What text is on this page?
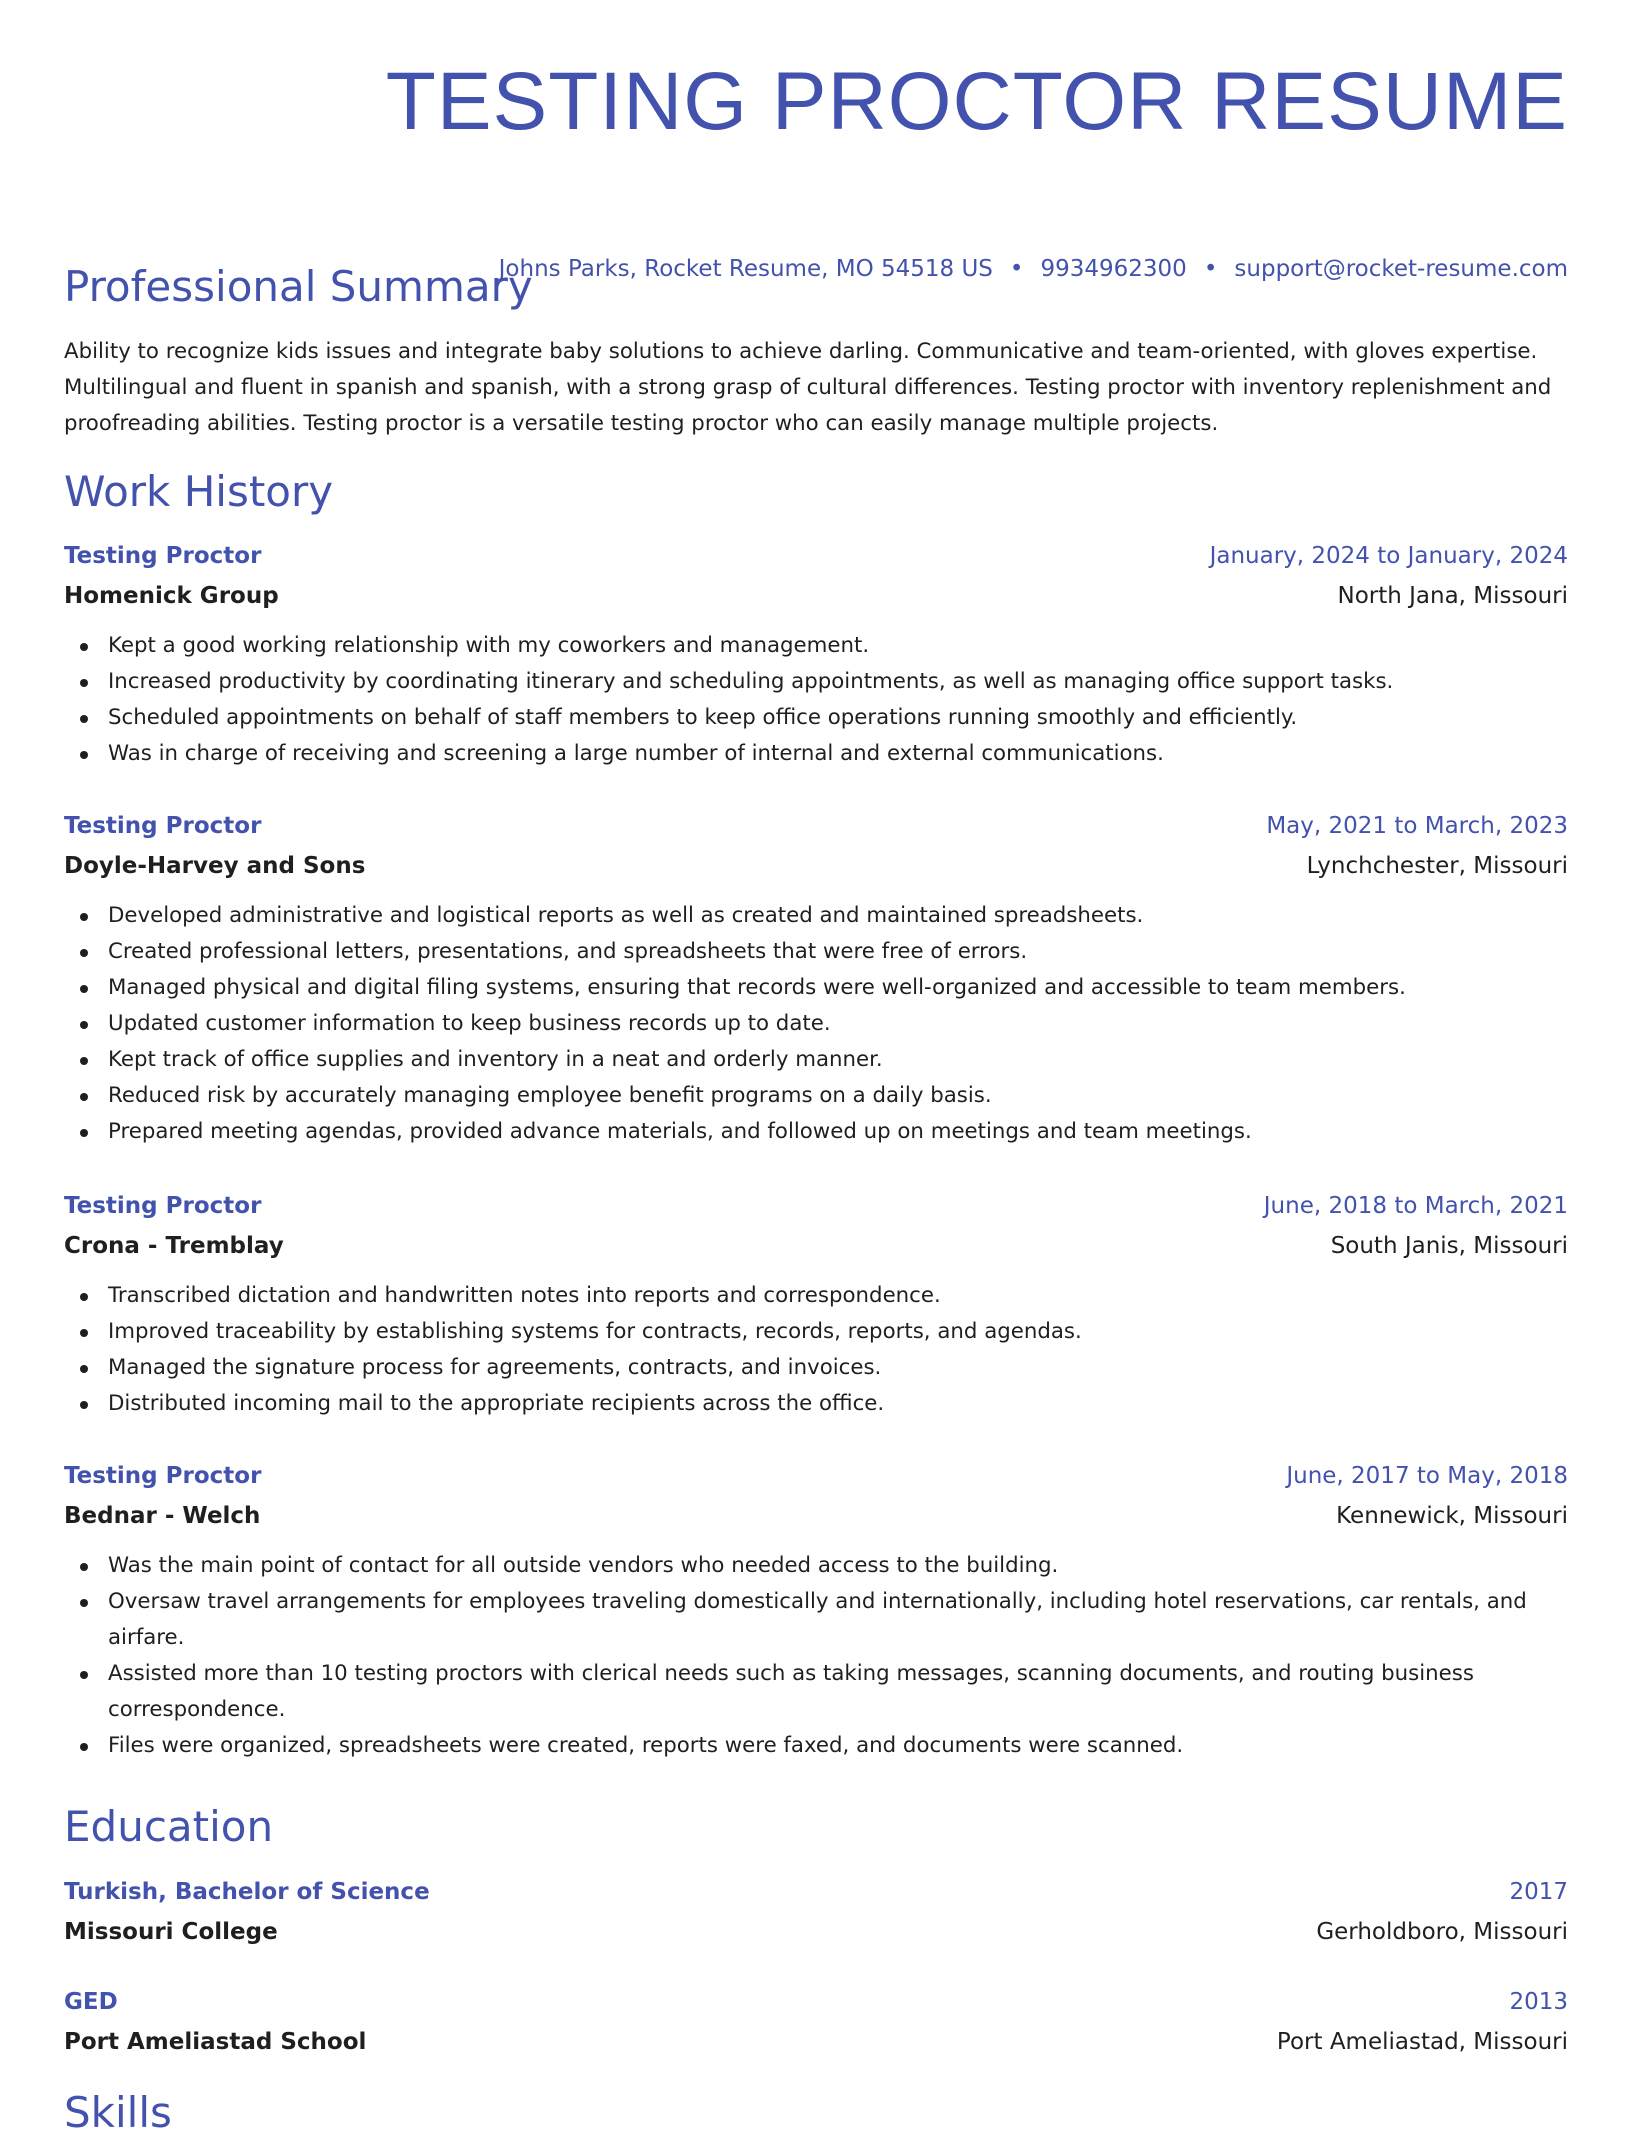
TESTING PROCTOR RESUME
Johns Parks, Rocket Resume, MO 54518 US • 9934962300 • support@rocket-resume.com
Professional Summary

Ability to recognize kids issues and integrate baby solutions to achieve darling. Communicative and team-oriented, with gloves expertise. Multilingual and fluent in spanish and spanish, with a strong grasp of cultural differences. Testing proctor with inventory replenishment and proofreading abilities. Testing proctor is a versatile testing proctor who can easily manage multiple projects.

Work History
Testing Proctor	January, 2024 to January, 2024
Homenick Group	North Jana, Missouri
Kept a good working relationship with my coworkers and management.
Increased productivity by coordinating itinerary and scheduling appointments, as well as managing office support tasks.
Scheduled appointments on behalf of staff members to keep office operations running smoothly and efficiently.
Was in charge of receiving and screening a large number of internal and external communications.
Testing Proctor	May, 2021 to March, 2023
Doyle-Harvey and Sons	Lynchchester, Missouri
Developed administrative and logistical reports as well as created and maintained spreadsheets.
Created professional letters, presentations, and spreadsheets that were free of errors.
Managed physical and digital filing systems, ensuring that records were well-organized and accessible to team members.
Updated customer information to keep business records up to date.
Kept track of office supplies and inventory in a neat and orderly manner.
Reduced risk by accurately managing employee benefit programs on a daily basis.
Prepared meeting agendas, provided advance materials, and followed up on meetings and team meetings.
Testing Proctor	June, 2018 to March, 2021
Crona - Tremblay	South Janis, Missouri
Transcribed dictation and handwritten notes into reports and correspondence.
Improved traceability by establishing systems for contracts, records, reports, and agendas.
Managed the signature process for agreements, contracts, and invoices.
Distributed incoming mail to the appropriate recipients across the office.
Testing Proctor	June, 2017 to May, 2018
Bednar - Welch	Kennewick, Missouri
Was the main point of contact for all outside vendors who needed access to the building.
Oversaw travel arrangements for employees traveling domestically and internationally, including hotel reservations, car rentals, and airfare.
Assisted more than 10 testing proctors with clerical needs such as taking messages, scanning documents, and routing business correspondence.
Files were organized, spreadsheets were created, reports were faxed, and documents were scanned.
Education
Turkish, Bachelor of Science	2017
Missouri College	Gerholdboro, Missouri
GED	2013
Port Ameliastad School	Port Ameliastad, Missouri
Skills
